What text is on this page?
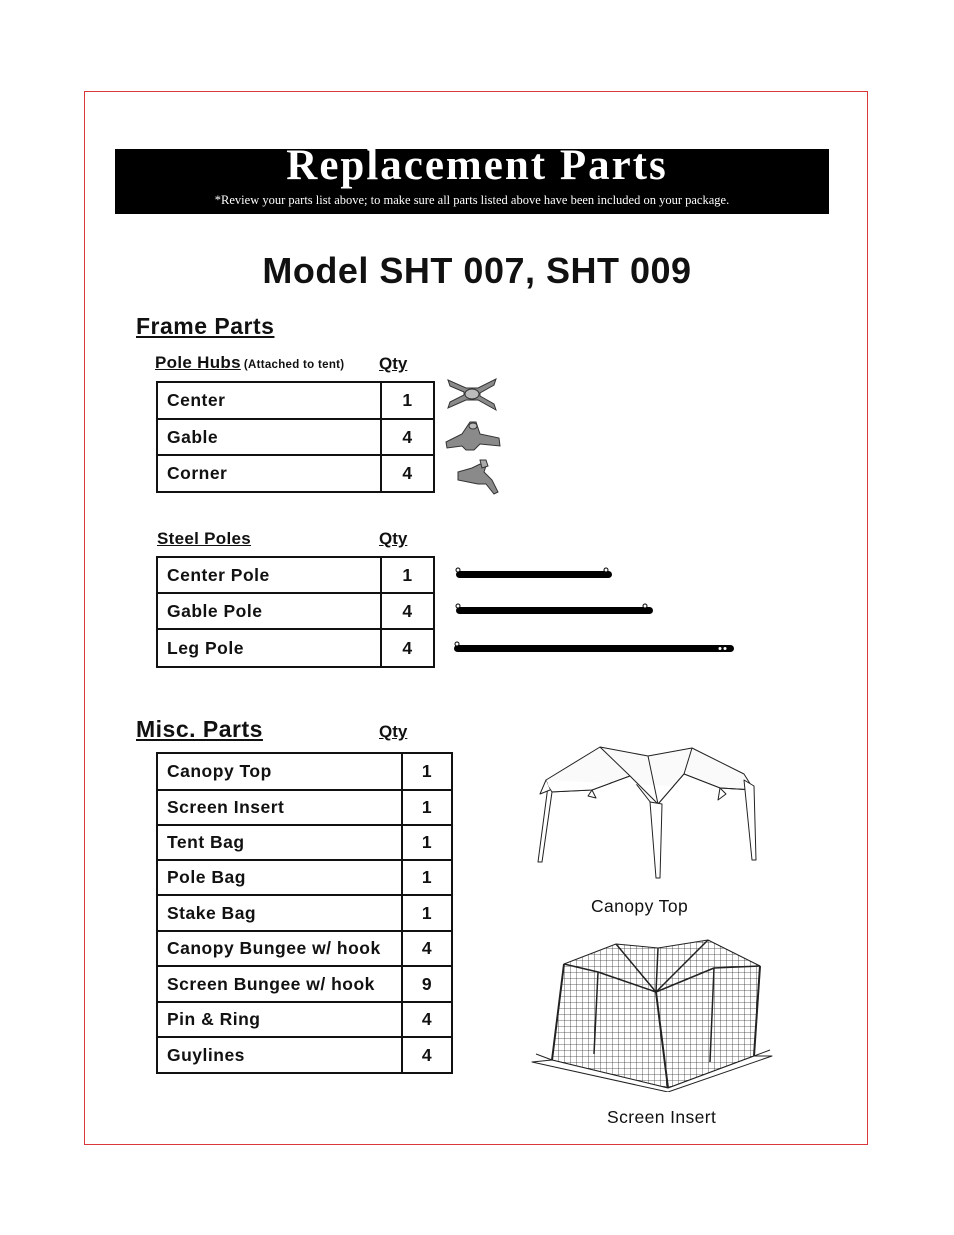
Replacement Parts
*Review your parts list above; to make sure all parts listed above have been included on your package.
Model SHT 007, SHT 009
Frame Parts
Pole Hubs (Attached to tent) Qty
Center	1
Gable	4
Corner	4
Steel Poles	Qty
Center Pole	1
Gable Pole	4
Leg Pole	4
Misc. Parts	Qty
Canopy Top	1
Screen Insert	1
Tent Bag	1
Pole Bag	1
Stake Bag	1
Canopy Bungee w/ hook	4
Screen Bungee w/ hook	9
Pin & Ring	4
Guylines	4
Canopy Top
Screen Insert
